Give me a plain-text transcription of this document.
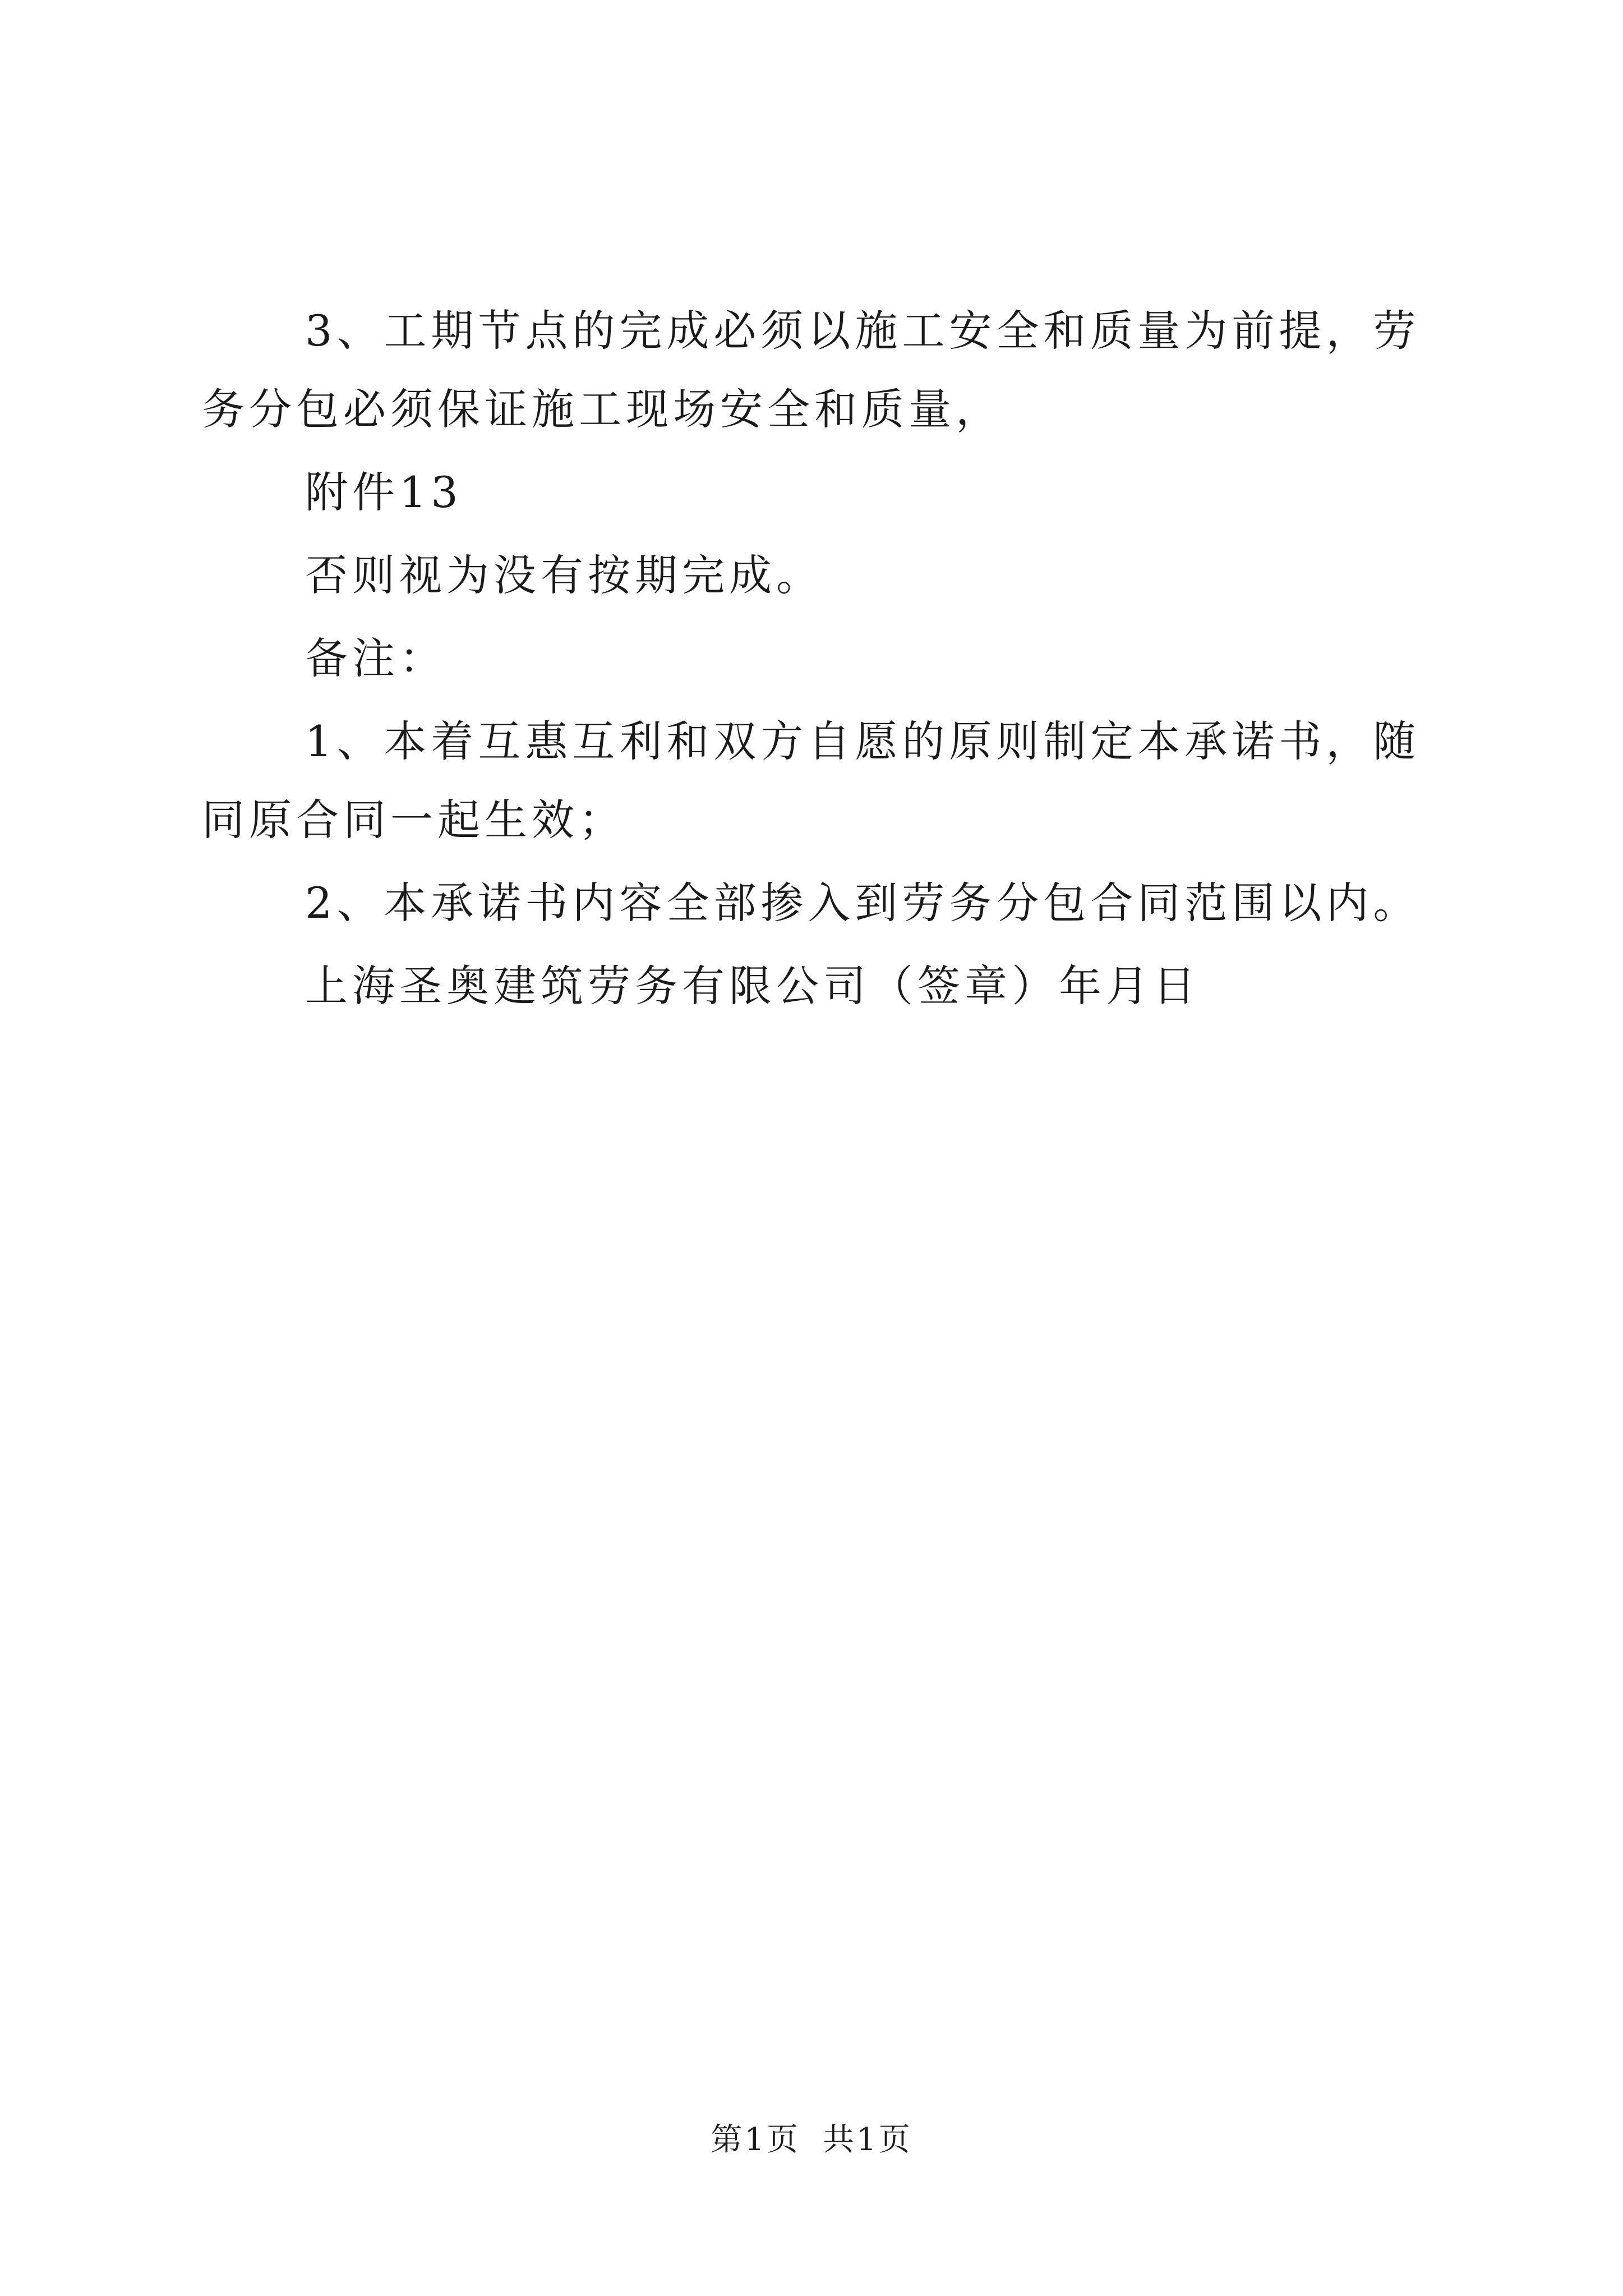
3、工期节点的完成必须以施工安全和质量为前提，劳务分包必须保证施工现场安全和质量，

附件13

否则视为没有按期完成。

备注：

1、本着互惠互利和双方自愿的原则制定本承诺书，随同原合同一起生效；

2、本承诺书内容全部掺入到劳务分包合同范围以内。

上海圣奥建筑劳务有限公司（签章）年月日

第1页 共1页
